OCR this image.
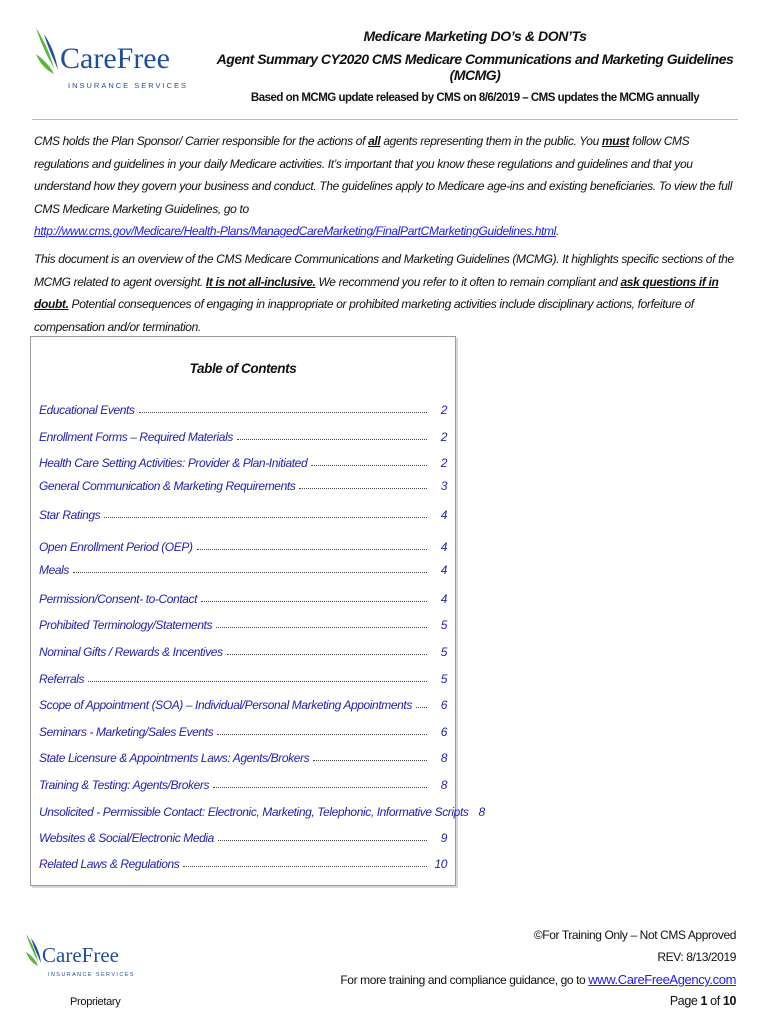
CareFree
INSURANCE SERVICES
Medicare Marketing DO’s & DON’Ts
Agent Summary CY2020 CMS Medicare Communications and Marketing Guidelines (MCMG)
Based on MCMG update released by CMS on 8/6/2019 – CMS updates the MCMG annually
CMS holds the Plan Sponsor/ Carrier responsible for the actions of all agents representing them in the public. You must follow CMS regulations and guidelines in your daily Medicare activities. It’s important that you know these regulations and guidelines and that you understand how they govern your business and conduct. The guidelines apply to Medicare age-ins and existing beneficiaries. To view the full CMS Medicare Marketing Guidelines, go to
http://www.cms.gov/Medicare/Health-Plans/ManagedCareMarketing/FinalPartCMarketingGuidelines.html.
This document is an overview of the CMS Medicare Communications and Marketing Guidelines (MCMG). It highlights specific sections of the MCMG related to agent oversight. It is not all-inclusive. We recommend you refer to it often to remain compliant and ask questions if in doubt. Potential consequences of engaging in inappropriate or prohibited marketing activities include disciplinary actions, forfeiture of compensation and/or termination.
Table of Contents
Educational Events	2
Enrollment Forms – Required Materials	2
Health Care Setting Activities: Provider & Plan-Initiated	2
General Communication & Marketing Requirements	3
Star Ratings	4
Open Enrollment Period (OEP)	4
Meals	4
Permission/Consent- to-Contact	4
Prohibited Terminology/Statements	5
Nominal Gifts / Rewards & Incentives	5
Referrals	5
Scope of Appointment (SOA) – Individual/Personal Marketing Appointments	6
Seminars - Marketing/Sales Events	6
State Licensure & Appointments Laws: Agents/Brokers	8
Training & Testing: Agents/Brokers	8
Unsolicited - Permissible Contact: Electronic, Marketing, Telephonic, Informative Scripts 8
Websites & Social/Electronic Media	9
Related Laws & Regulations	10
CareFree
INSURANCE SERVICES
Proprietary
©For Training Only – Not CMS Approved
REV: 8/13/2019
For more training and compliance guidance, go to www.CareFreeAgency.com
Page 1 of 10
